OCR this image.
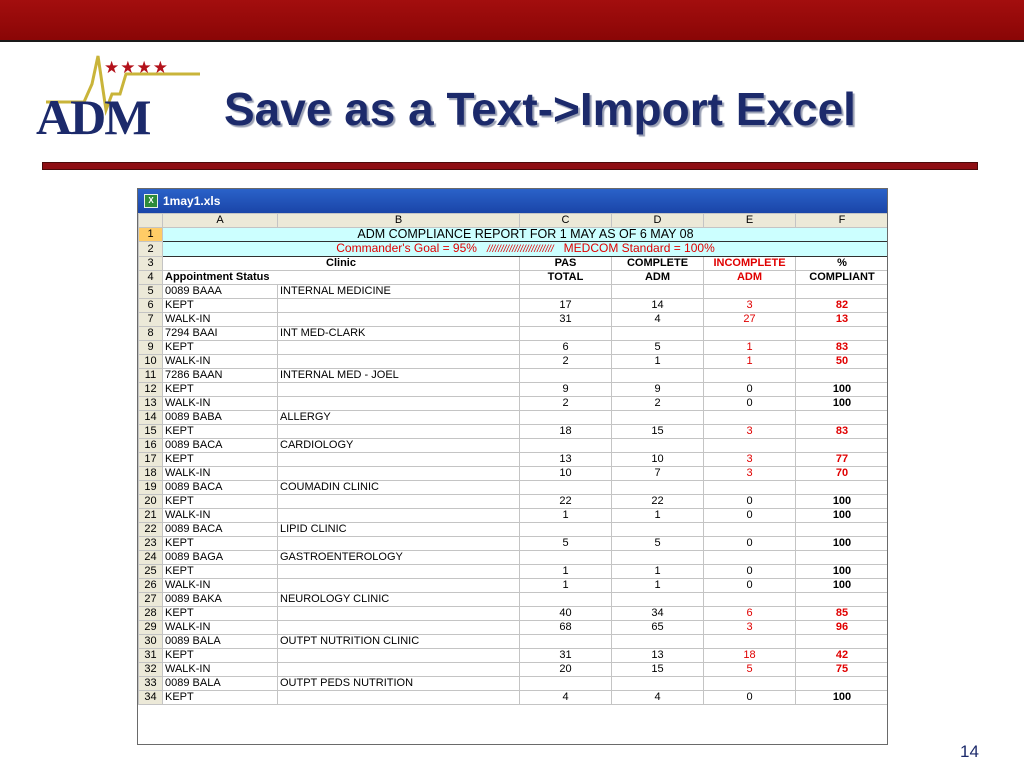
★★★★
ADM Save as a Text->Import Excel
X 1may1.xls
	A	B	C	D	E	F
1	ADM COMPLIANCE REPORT FOR 1 MAY AS OF 6 MAY 08					
2	Commander's Goal = 95% //////////////////////// MEDCOM Standard = 100%					
3	Clinic		PAS	COMPLETE	INCOMPLETE	%
4	Appointment Status		TOTAL	ADM	ADM	COMPLIANT
5	0089 BAAA	INTERNAL MEDICINE				
6	KEPT		17	14	3	82
7	WALK-IN		31	4	27	13
8	7294 BAAI	INT MED-CLARK				
9	KEPT		6	5	1	83
10	WALK-IN		2	1	1	50
11	7286 BAAN	INTERNAL MED - JOEL				
12	KEPT		9	9	0	100
13	WALK-IN		2	2	0	100
14	0089 BABA	ALLERGY				
15	KEPT		18	15	3	83
16	0089 BACA	CARDIOLOGY				
17	KEPT		13	10	3	77
18	WALK-IN		10	7	3	70
19	0089 BACA	COUMADIN CLINIC				
20	KEPT		22	22	0	100
21	WALK-IN		1	1	0	100
22	0089 BACA	LIPID CLINIC				
23	KEPT		5	5	0	100
24	0089 BAGA	GASTROENTEROLOGY				
25	KEPT		1	1	0	100
26	WALK-IN		1	1	0	100
27	0089 BAKA	NEUROLOGY CLINIC				
28	KEPT		40	34	6	85
29	WALK-IN		68	65	3	96
30	0089 BALA	OUTPT NUTRITION CLINIC				
31	KEPT		31	13	18	42
32	WALK-IN		20	15	5	75
33	0089 BALA	OUTPT PEDS NUTRITION				
34	KEPT		4	4	0	100
14
